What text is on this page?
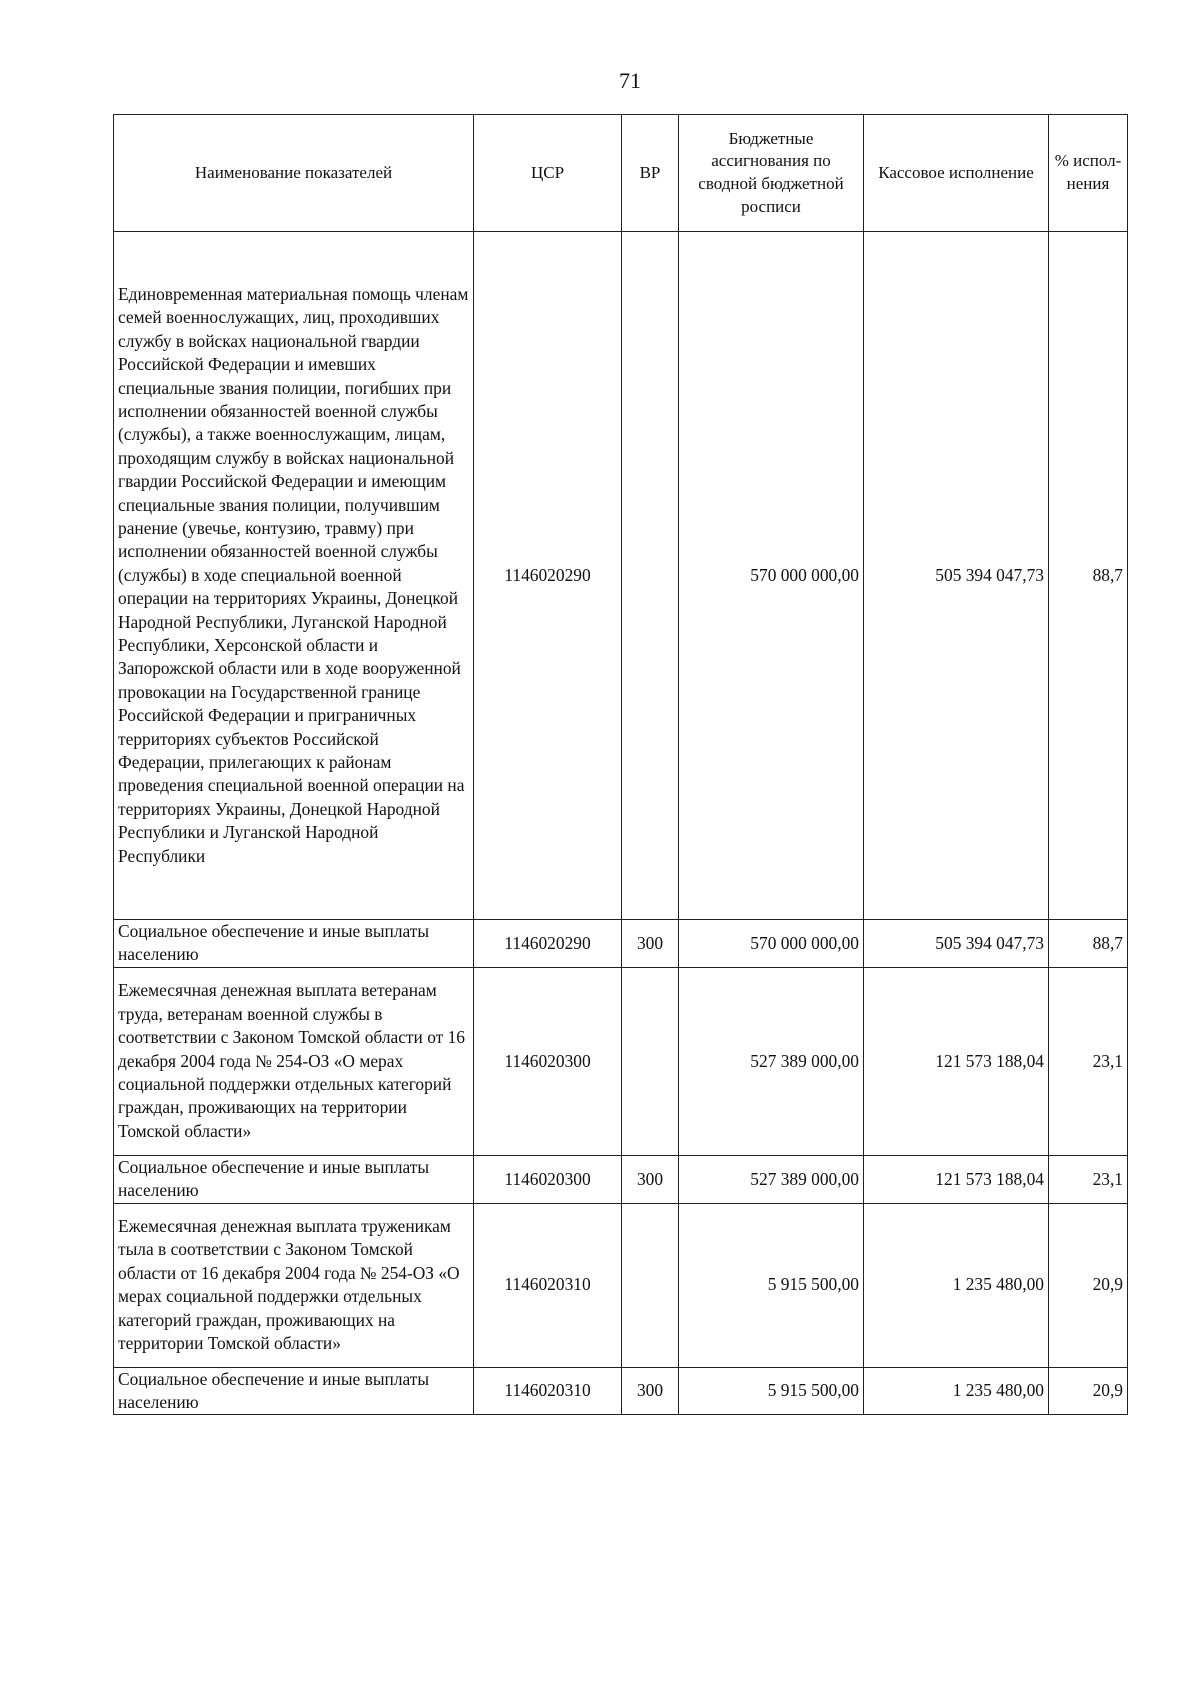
71
Наименование показателей	ЦСР	ВР	Бюджетные ассигнования по сводной бюджетной росписи	Кассовое исполнение	% испол-нения
Единовременная материальная помощь членам семей военнослужащих, лиц, проходивших службу в войсках национальной гвардии Российской Федерации и имевших специальные звания полиции, погибших при исполнении обязанностей военной службы (службы), а также военнослужащим, лицам, проходящим службу в войсках национальной гвардии Российской Федерации и имеющим специальные звания полиции, получившим ранение (увечье, контузию, травму) при исполнении обязанностей военной службы (службы) в ходе специальной военной операции на территориях Украины, Донецкой Народной Республики, Луганской Народной Республики, Херсонской области и Запорожской области или в ходе вооруженной провокации на Государственной границе Российской Федерации и приграничных территориях субъектов Российской Федерации, прилегающих к районам проведения специальной военной операции на территориях Украины, Донецкой Народной Республики и Луганской Народной Республики	1146020290		570 000 000,00	505 394 047,73	88,7
Социальное обеспечение и иные выплаты населению	1146020290	300	570 000 000,00	505 394 047,73	88,7
Ежемесячная денежная выплата ветеранам труда, ветеранам военной службы в соответствии с Законом Томской области от 16 декабря 2004 года № 254-ОЗ «О мерах социальной поддержки отдельных категорий граждан, проживающих на территории Томской области»	1146020300		527 389 000,00	121 573 188,04	23,1
Социальное обеспечение и иные выплаты населению	1146020300	300	527 389 000,00	121 573 188,04	23,1
Ежемесячная денежная выплата труженикам тыла в соответствии с Законом Томской области от 16 декабря 2004 года № 254-ОЗ «О мерах социальной поддержки отдельных категорий граждан, проживающих на территории Томской области»	1146020310		5 915 500,00	1 235 480,00	20,9
Социальное обеспечение и иные выплаты населению	1146020310	300	5 915 500,00	1 235 480,00	20,9
